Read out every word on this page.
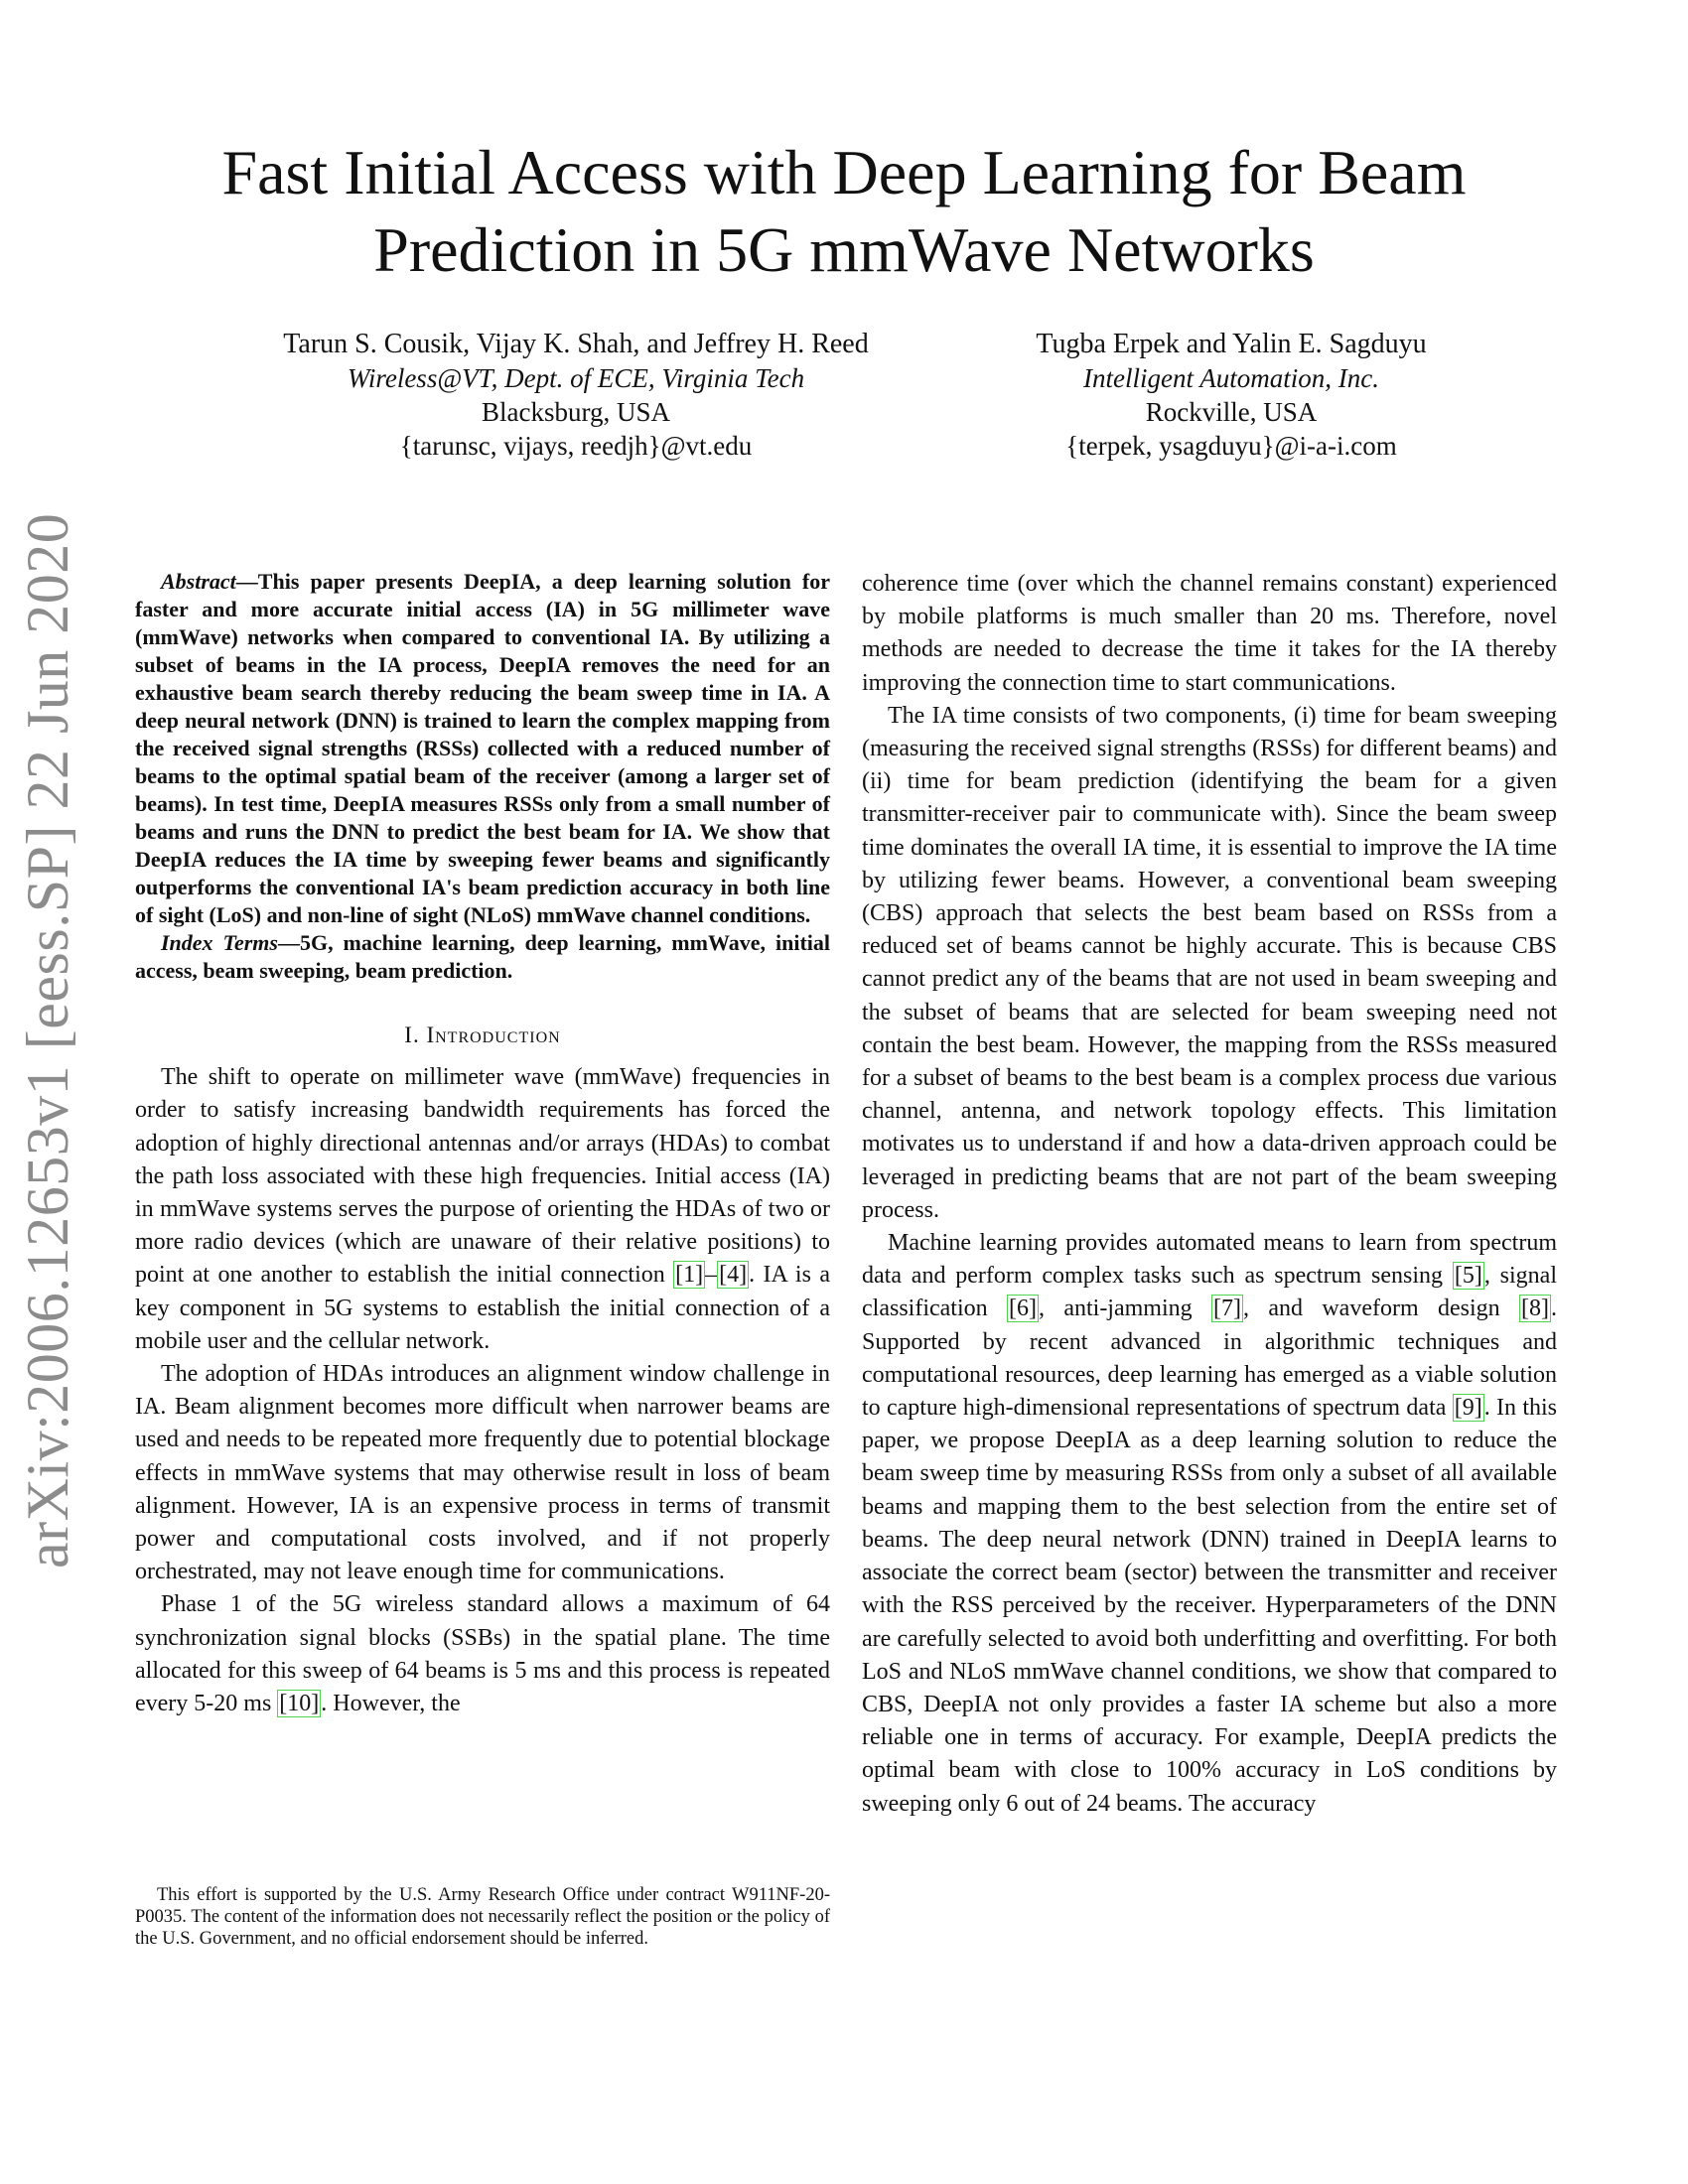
arXiv:2006.12653v1 [eess.SP] 22 Jun 2020
Fast Initial Access with Deep Learning for Beam Prediction in 5G mmWave Networks
Tarun S. Cousik, Vijay K. Shah, and Jeffrey H. Reed
Wireless@VT, Dept. of ECE, Virginia Tech
Blacksburg, USA
{tarunsc, vijays, reedjh}@vt.edu
Tugba Erpek and Yalin E. Sagduyu
Intelligent Automation, Inc.
Rockville, USA
{terpek, ysagduyu}@i-a-i.com

Abstract—This paper presents DeepIA, a deep learning solution for faster and more accurate initial access (IA) in 5G millimeter wave (mmWave) networks when compared to conventional IA. By utilizing a subset of beams in the IA process, DeepIA removes the need for an exhaustive beam search thereby reducing the beam sweep time in IA. A deep neural network (DNN) is trained to learn the complex mapping from the received signal strengths (RSSs) collected with a reduced number of beams to the optimal spatial beam of the receiver (among a larger set of beams). In test time, DeepIA measures RSSs only from a small number of beams and runs the DNN to predict the best beam for IA. We show that DeepIA reduces the IA time by sweeping fewer beams and significantly outperforms the conventional IA's beam prediction accuracy in both line of sight (LoS) and non-line of sight (NLoS) mmWave channel conditions.

Index Terms—5G, machine learning, deep learning, mmWave, initial access, beam sweeping, beam prediction.

I. Introduction

The shift to operate on millimeter wave (mmWave) frequencies in order to satisfy increasing bandwidth requirements has forced the adoption of highly directional antennas and/or arrays (HDAs) to combat the path loss associated with these high frequencies. Initial access (IA) in mmWave systems serves the purpose of orienting the HDAs of two or more radio devices (which are unaware of their relative positions) to point at one another to establish the initial connection [1]–[4]. IA is a key component in 5G systems to establish the initial connection of a mobile user and the cellular network.

The adoption of HDAs introduces an alignment window challenge in IA. Beam alignment becomes more difficult when narrower beams are used and needs to be repeated more frequently due to potential blockage effects in mmWave systems that may otherwise result in loss of beam alignment. However, IA is an expensive process in terms of transmit power and computational costs involved, and if not properly orchestrated, may not leave enough time for communications.

Phase 1 of the 5G wireless standard allows a maximum of 64 synchronization signal blocks (SSBs) in the spatial plane. The time allocated for this sweep of 64 beams is 5 ms and this process is repeated every 5-20 ms [10]. However, the

This effort is supported by the U.S. Army Research Office under contract W911NF-20-P0035. The content of the information does not necessarily reflect the position or the policy of the U.S. Government, and no official endorsement should be inferred.

coherence time (over which the channel remains constant) experienced by mobile platforms is much smaller than 20 ms. Therefore, novel methods are needed to decrease the time it takes for the IA thereby improving the connection time to start communications.

The IA time consists of two components, (i) time for beam sweeping (measuring the received signal strengths (RSSs) for different beams) and (ii) time for beam prediction (identifying the beam for a given transmitter-receiver pair to communicate with). Since the beam sweep time dominates the overall IA time, it is essential to improve the IA time by utilizing fewer beams. However, a conventional beam sweeping (CBS) approach that selects the best beam based on RSSs from a reduced set of beams cannot be highly accurate. This is because CBS cannot predict any of the beams that are not used in beam sweeping and the subset of beams that are selected for beam sweeping need not contain the best beam. However, the mapping from the RSSs measured for a subset of beams to the best beam is a complex process due various channel, antenna, and network topology effects. This limitation motivates us to understand if and how a data-driven approach could be leveraged in predicting beams that are not part of the beam sweeping process.

Machine learning provides automated means to learn from spectrum data and perform complex tasks such as spectrum sensing [5], signal classification [6], anti-jamming [7], and waveform design [8]. Supported by recent advanced in algorithmic techniques and computational resources, deep learning has emerged as a viable solution to capture high-dimensional representations of spectrum data [9]. In this paper, we propose DeepIA as a deep learning solution to reduce the beam sweep time by measuring RSSs from only a subset of all available beams and mapping them to the best selection from the entire set of beams. The deep neural network (DNN) trained in DeepIA learns to associate the correct beam (sector) between the transmitter and receiver with the RSS perceived by the receiver. Hyperparameters of the DNN are carefully selected to avoid both underfitting and overfitting. For both LoS and NLoS mmWave channel conditions, we show that compared to CBS, DeepIA not only provides a faster IA scheme but also a more reliable one in terms of accuracy. For example, DeepIA predicts the optimal beam with close to 100% accuracy in LoS conditions by sweeping only 6 out of 24 beams. The accuracy
